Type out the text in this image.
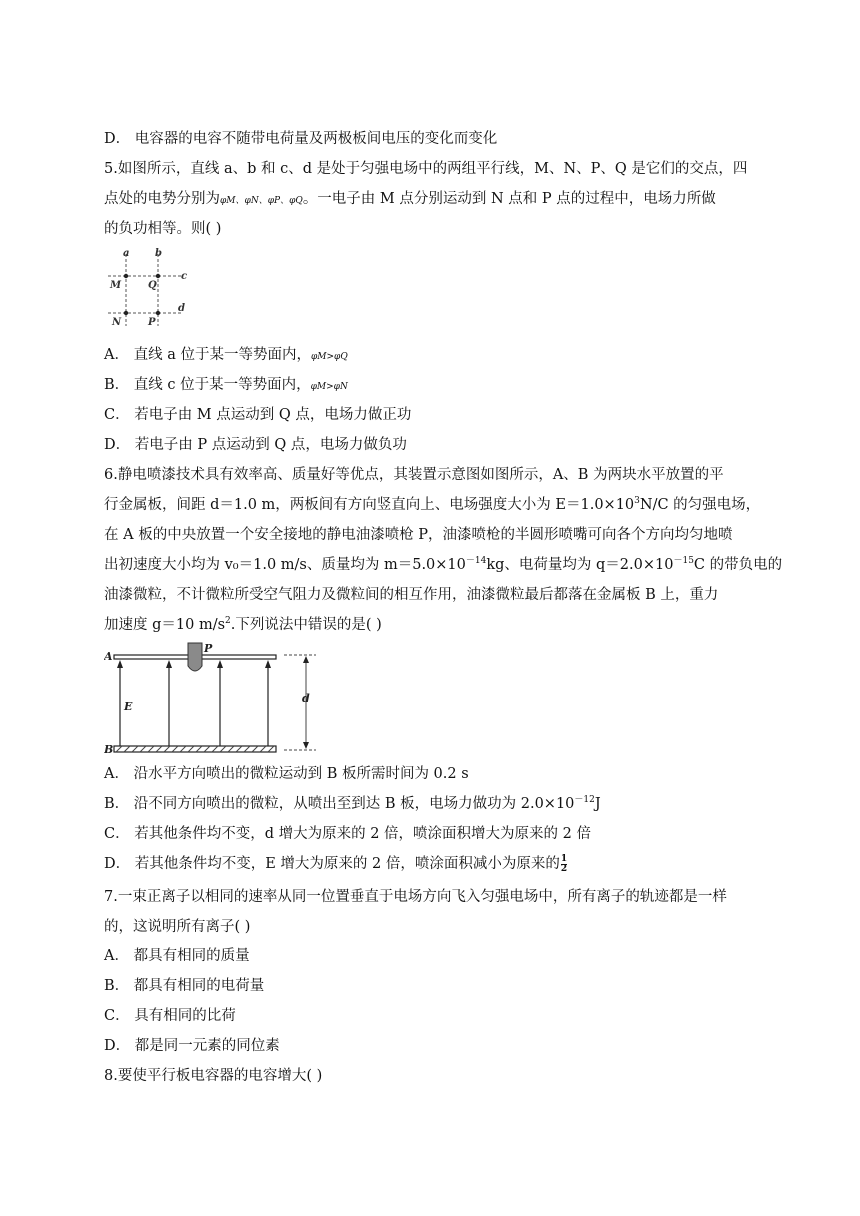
D． 电容器的电容不随带电荷量及两极板间电压的变化而变化
5.如图所示，直线 a、b 和 c、d 是处于匀强电场中的两组平行线，M、N、P、Q 是它们的交点，四
点处的电势分别为φM、φN、φP、φQ。一电子由 M 点分别运动到 N 点和 P 点的过程中，电场力所做
的负功相等。则( )
a	b
c
d
M	Q
N	P
A． 直线 a 位于某一等势面内，φM>φQ
B． 直线 c 位于某一等势面内，φM>φN
C． 若电子由 M 点运动到 Q 点，电场力做正功
D． 若电子由 P 点运动到 Q 点，电场力做负功
6.静电喷漆技术具有效率高、质量好等优点，其装置示意图如图所示，A、B 为两块水平放置的平
行金属板，间距 d＝1.0 m，两板间有方向竖直向上、电场强度大小为 $E=1.0\times 10^3N/C$ 的匀强电场，
在 A 板的中央放置一个安全接地的静电油漆喷枪 P，油漆喷枪的半圆形喷嘴可向各个方向均匀地喷
出初速度大小均为 v₀＝1.0 m/s、质量均为 $m=5.0\times 10^{-14}kg$、电荷量均为 $q=2.0\times 10^{-15}C$ 的带负电的
油漆微粒，不计微粒所受空气阻力及微粒间的相互作用，油漆微粒最后都落在金属板 B 上，重力
加速度 g＝10 $m/s^2$.下列说法中错误的是( )
A
B
P
E
d
A． 沿水平方向喷出的微粒运动到 B 板所需时间为 0.2 s
B． 沿不同方向喷出的微粒，从喷出至到达 B 板，电场力做功为 $2.0\times 10^{-12}J$
C． 若其他条件均不变，d 增大为原来的 2 倍，喷涂面积增大为原来的 2 倍
D． 若其他条件均不变，E 增大为原来的 2 倍，喷涂面积减小为原来的 $\frac{1}{2}$
7.一束正离子以相同的速率从同一位置垂直于电场方向飞入匀强电场中，所有离子的轨迹都是一样
的，这说明所有离子( )
A． 都具有相同的质量
B． 都具有相同的电荷量
C． 具有相同的比荷
D． 都是同一元素的同位素
8.要使平行板电容器的电容增大( )
